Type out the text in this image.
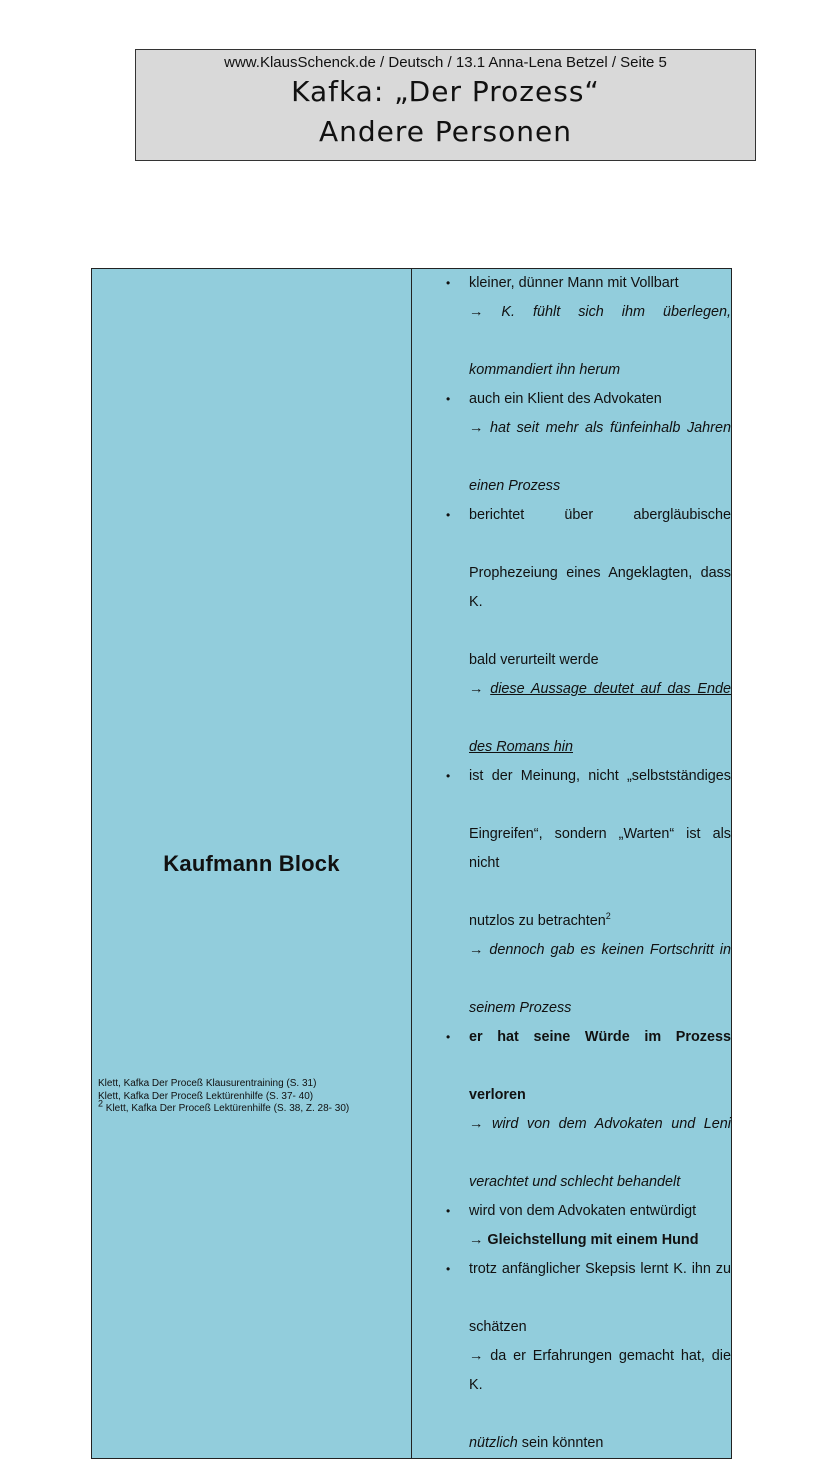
www.KlausSchenck.de / Deutsch / 13.1 Anna-Lena Betzel / Seite 5
Kafka: „Der Prozess“
Andere Personen
Kaufmann Block	
• kleiner, dünner Mann mit Vollbart
→ K. fühlt sich ihm überlegen,
kommandiert ihn herum
• auch ein Klient des Advokaten
→ hat seit mehr als fünfeinhalb Jahren
einen Prozess
• berichtet über abergläubische
Prophezeiung eines Angeklagten, dass K.
bald verurteilt werde
→ diese Aussage deutet auf das Ende
des Romans hin
• ist der Meinung, nicht „selbstständiges
Eingreifen“, sondern „Warten“ ist als nicht
nutzlos zu betrachten$^2$
→ dennoch gab es keinen Fortschritt in
seinem Prozess
• er hat seine Würde im Prozess
verloren
→ wird von dem Advokaten und Leni
verachtet und schlecht behandelt
• wird von dem Advokaten entwürdigt
→ Gleichstellung mit einem Hund
• trotz anfänglicher Skepsis lernt K. ihn zu
schätzen
→ da er Erfahrungen gemacht hat, die K.
nützlich sein könnten
Klett, Kafka Der Proceß Klausurentraining (S. 31)
Klett, Kafka Der Proceß Lektürenhilfe (S. 37- 40)
$^2$ Klett, Kafka Der Proceß Lektürenhilfe (S. 38, Z. 28- 30)
